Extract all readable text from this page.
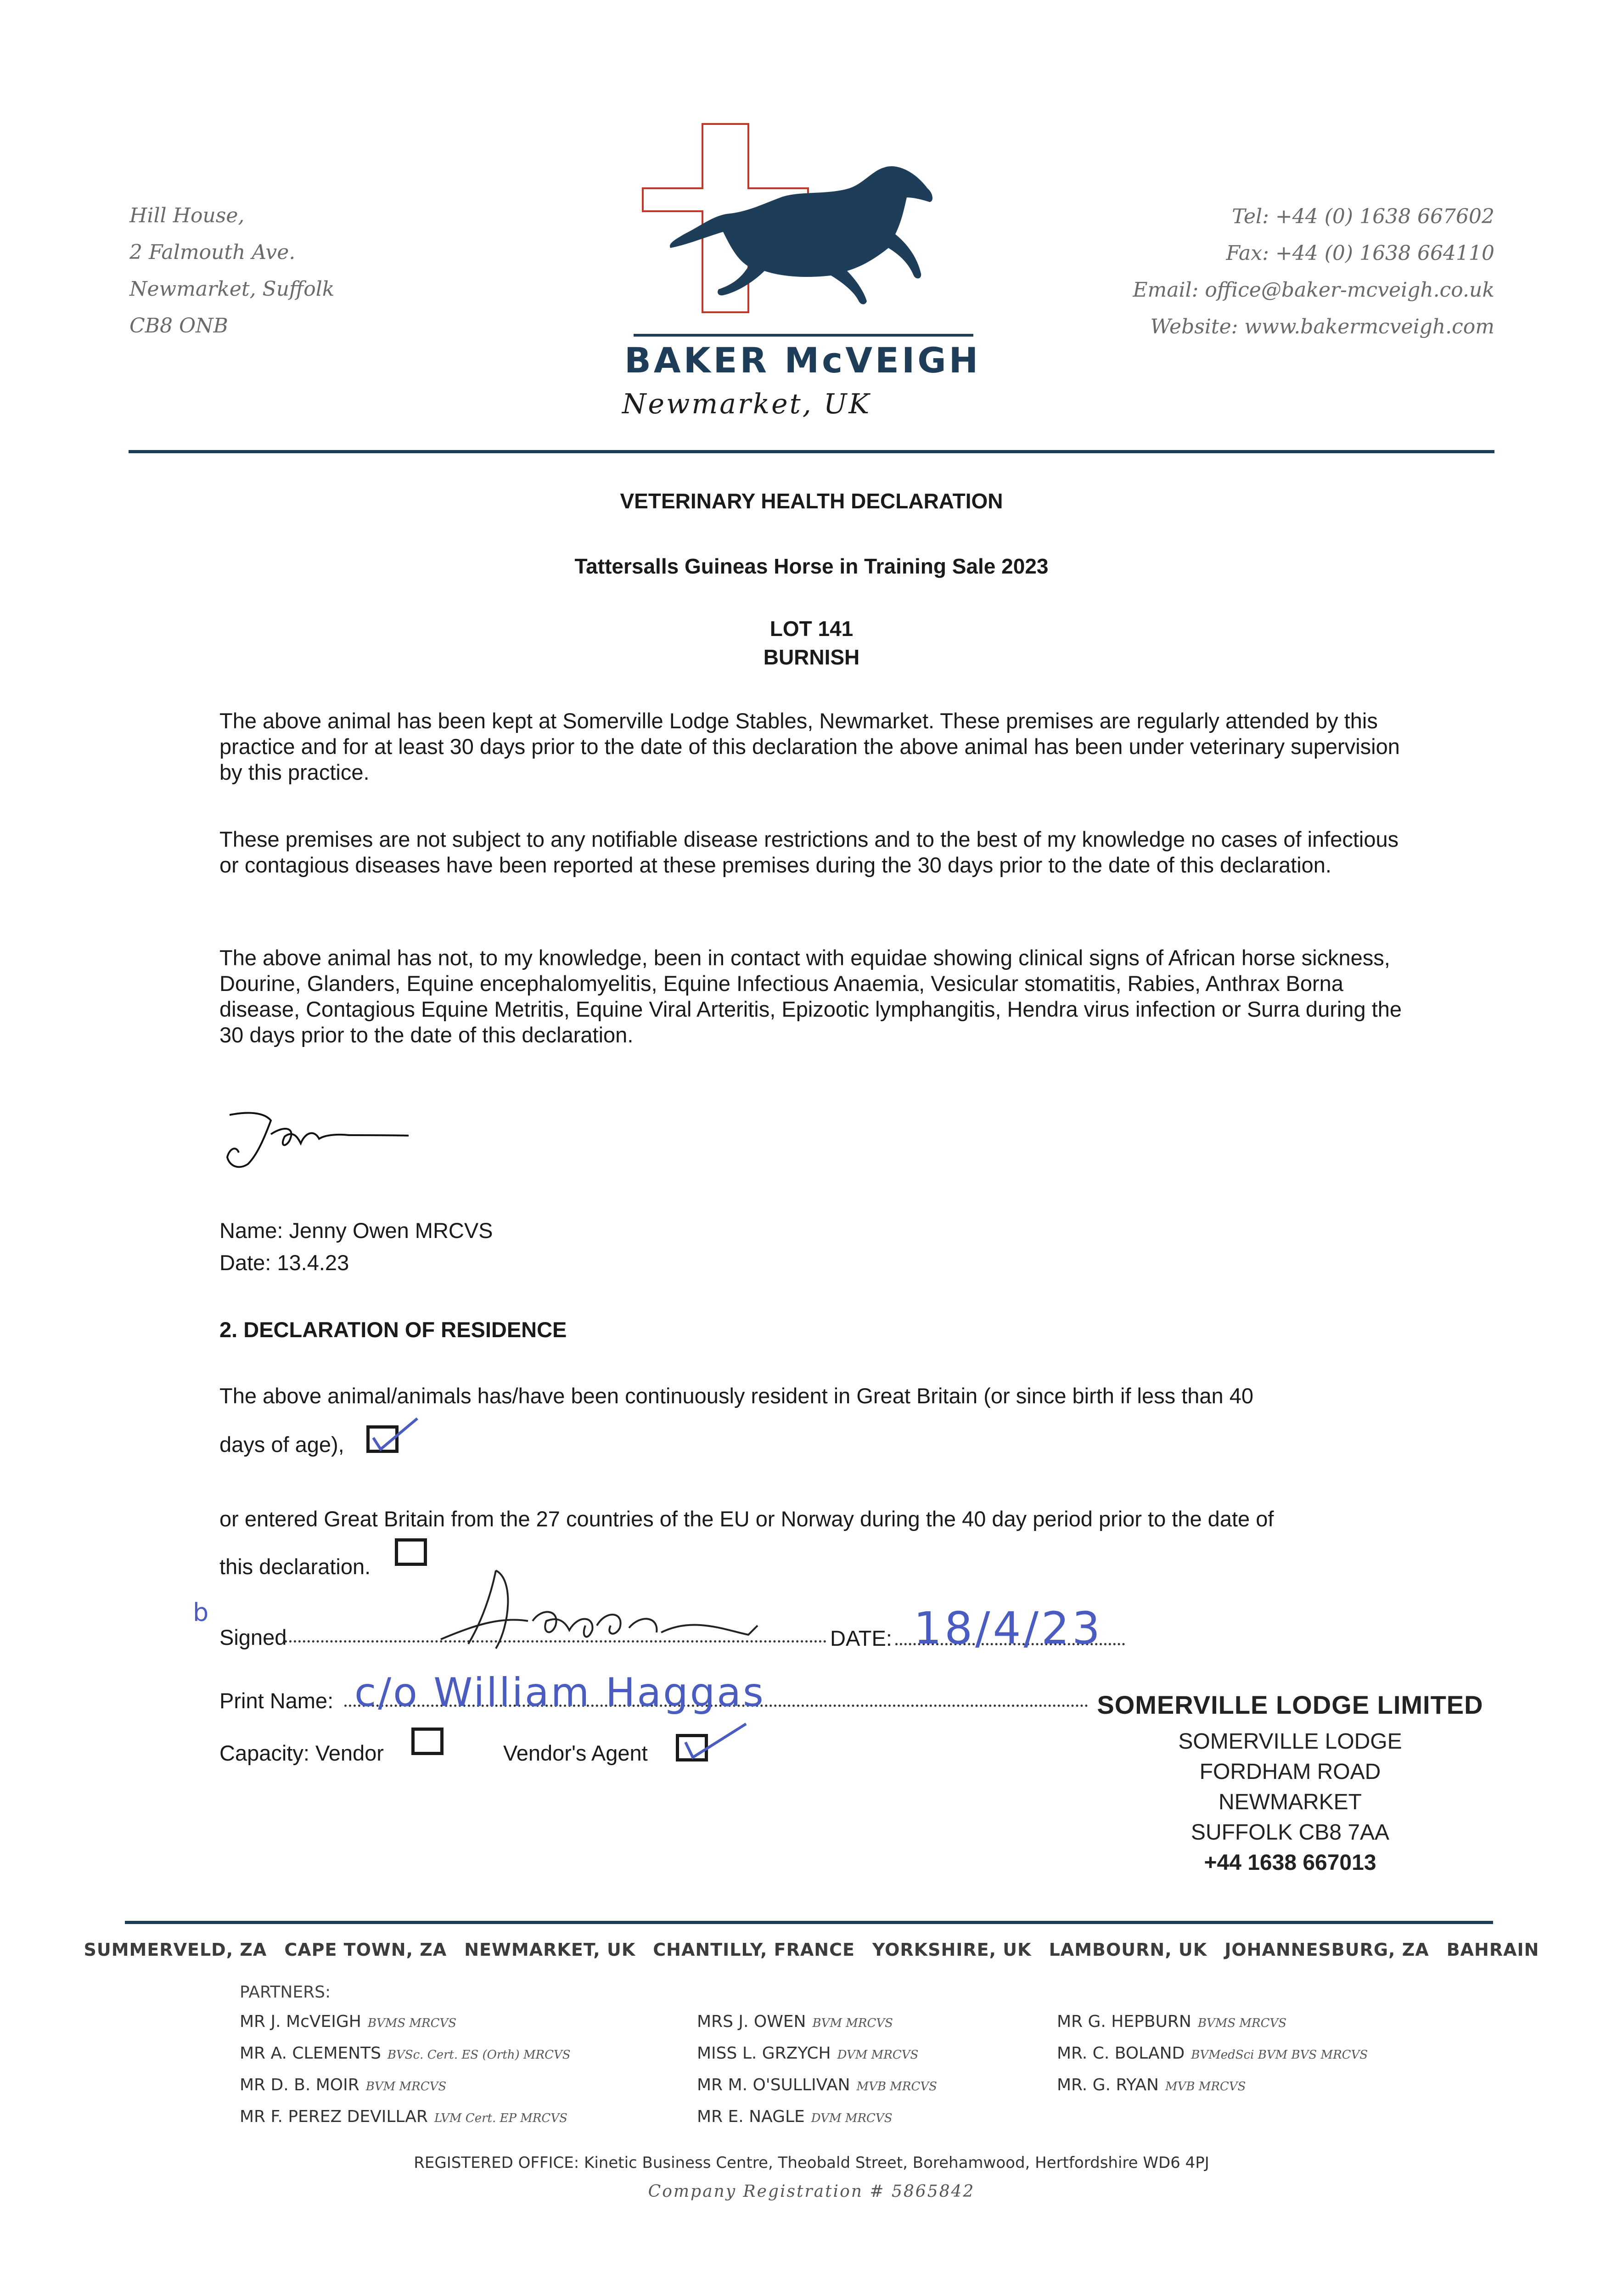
Hill House,
2 Falmouth Ave.
Newmarket, Suffolk
CB8 ONB
BAKER McVEIGH
Newmarket, UK
Tel: +44 (0) 1638 667602
Fax: +44 (0) 1638 664110
Email: office@baker-mcveigh.co.uk
Website: www.bakermcveigh.com
VETERINARY HEALTH DECLARATION
Tattersalls Guineas Horse in Training Sale 2023
LOT 141
BURNISH
The above animal has been kept at Somerville Lodge Stables, Newmarket. These premises are regularly attended by this practice and for at least 30 days prior to the date of this declaration the above animal has been under veterinary supervision by this practice.
These premises are not subject to any notifiable disease restrictions and to the best of my knowledge no cases of infectious or contagious diseases have been reported at these premises during the 30 days prior to the date of this declaration.
The above animal has not, to my knowledge, been in contact with equidae showing clinical signs of African horse sickness, Dourine, Glanders, Equine encephalomyelitis, Equine Infectious Anaemia, Vesicular stomatitis, Rabies, Anthrax Borna disease, Contagious Equine Metritis, Equine Viral Arteritis, Epizootic lymphangitis, Hendra virus infection or Surra during the 30 days prior to the date of this declaration.
Name: Jenny Owen MRCVS
Date: 13.4.23
2. DECLARATION OF RESIDENCE
The above animal/animals has/have been continuously resident in Great Britain (or since birth if less than 40
days of age),
or entered Great Britain from the 27 countries of the EU or Norway during the 40 day period prior to the date of
this declaration.
b
Signed	DATE: 18/4/23
Print Name: c/o William Haggas	SOMERVILLE LODGE LIMITED
SOMERVILLE LODGE
FORDHAM ROAD
NEWMARKET
SUFFOLK CB8 7AA
+44 1638 667013
Capacity: Vendor	Vendor's Agent
SUMMERVELD, ZA CAPE TOWN, ZA NEWMARKET, UK CHANTILLY, FRANCE YORKSHIRE, UK LAMBOURN, UK JOHANNESBURG, ZA BAHRAIN
PARTNERS:
MR J. McVEIGH BVMS MRCVS
MR A. CLEMENTS BVSc. Cert. ES (Orth) MRCVS
MR D. B. MOIR BVM MRCVS
MR F. PEREZ DEVILLAR LVM Cert. EP MRCVS
MRS J. OWEN BVM MRCVS
MISS L. GRZYCH DVM MRCVS
MR M. O'SULLIVAN MVB MRCVS
MR E. NAGLE DVM MRCVS
MR G. HEPBURN BVMS MRCVS
MR. C. BOLAND BVMedSci BVM BVS MRCVS
MR. G. RYAN MVB MRCVS
REGISTERED OFFICE: Kinetic Business Centre, Theobald Street, Borehamwood, Hertfordshire WD6 4PJ
Company Registration # 5865842
